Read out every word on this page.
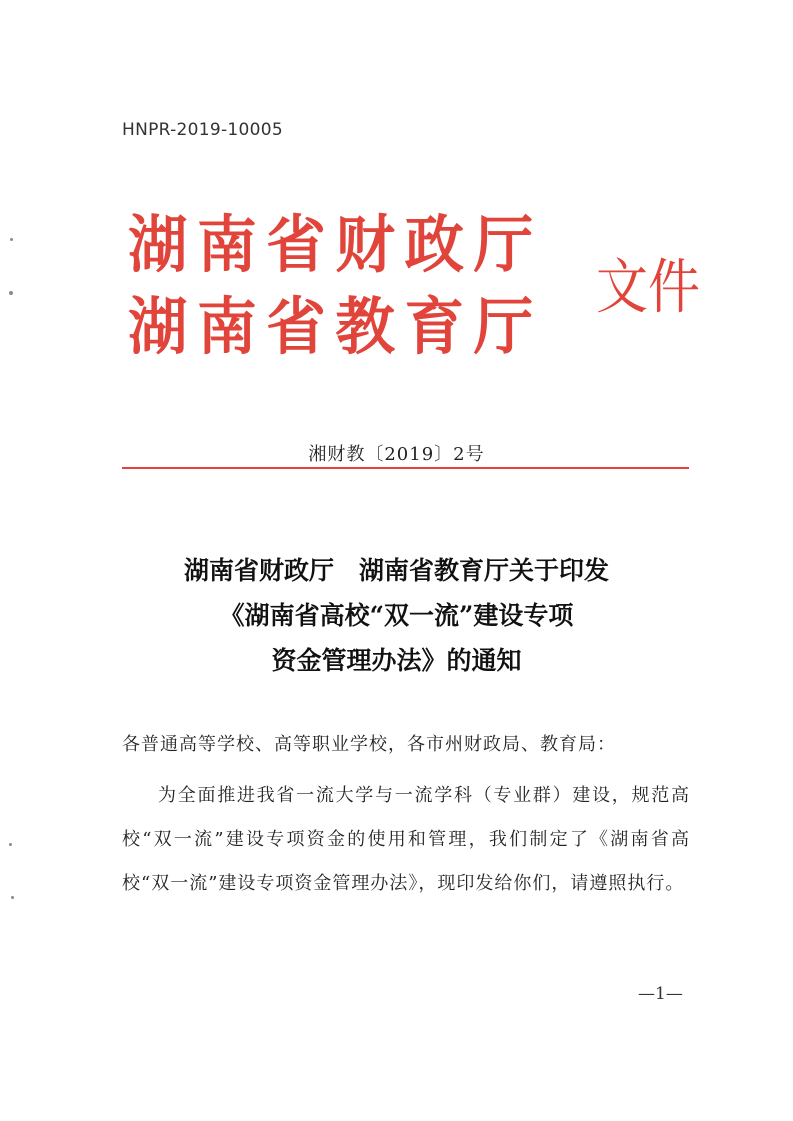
HNPR-2019-10005

湖南省财政厅

湖南省教育厅

文件

湘财教〔2019〕2号

湖南省财政厅　湖南省教育厅关于印发
《湖南省高校“双一流”建设专项
资金管理办法》的通知

各普通高等学校、高等职业学校，各市州财政局、教育局：

为全面推进我省一流大学与一流学科（专业群）建设，规范高校“双一流”建设专项资金的使用和管理，我们制定了《湖南省高校“双一流”建设专项资金管理办法》，现印发给你们，请遵照执行。

—1—
